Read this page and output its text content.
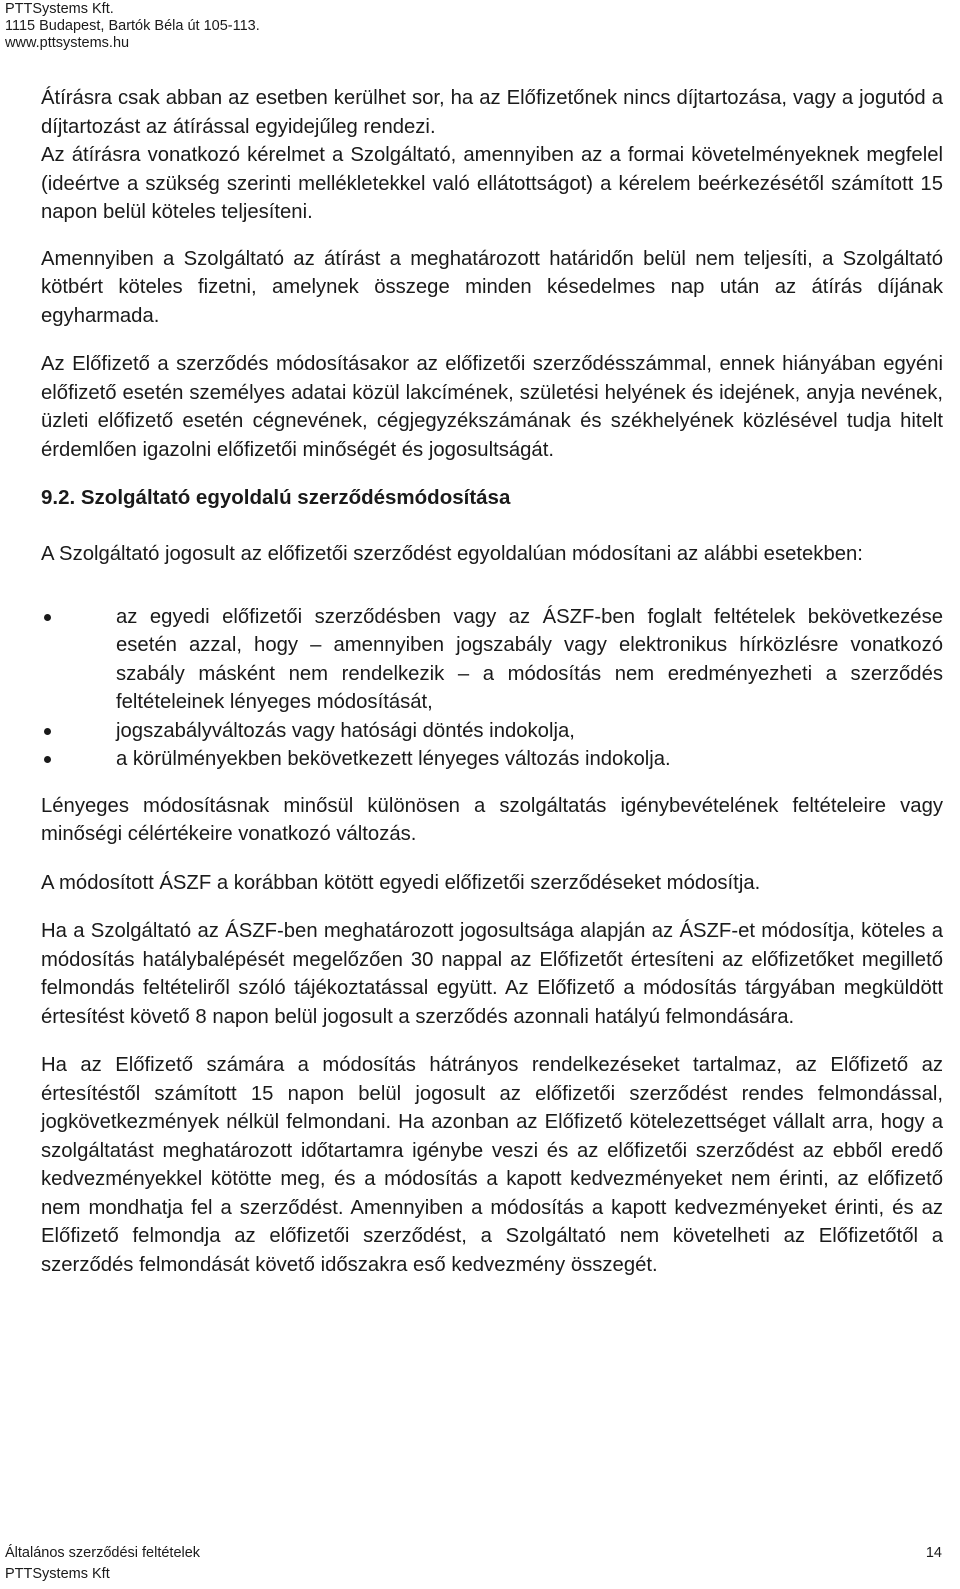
PTTSystems Kft.
1115 Budapest, Bartók Béla út 105-113.
www.pttsystems.hu

Átírásra csak abban az esetben kerülhet sor, ha az Előfizetőnek nincs díjtartozása, vagy a jogutód a díjtartozást az átírással egyidejűleg rendezi.

Az átírásra vonatkozó kérelmet a Szolgáltató, amennyiben az a formai követelményeknek megfelel (ideértve a szükség szerinti mellékletekkel való ellátottságot) a kérelem beérkezésétől számított 15 napon belül köteles teljesíteni.

Amennyiben a Szolgáltató az átírást a meghatározott határidőn belül nem teljesíti, a Szolgáltató kötbért köteles fizetni, amelynek összege minden késedelmes nap után az átírás díjának egyharmada.

Az Előfizető a szerződés módosításakor az előfizetői szerződésszámmal, ennek hiányában egyéni előfizető esetén személyes adatai közül lakcímének, születési helyének és idejének, anyja nevének, üzleti előfizető esetén cégnevének, cégjegyzékszámának és székhelyének közlésével tudja hitelt érdemlően igazolni előfizetői minőségét és jogosultságát.

9.2. Szolgáltató egyoldalú szerződésmódosítása

A Szolgáltató jogosult az előfizetői szerződést egyoldalúan módosítani az alábbi esetekben:

az egyedi előfizetői szerződésben vagy az ÁSZF-ben foglalt feltételek bekövetkezése esetén azzal, hogy – amennyiben jogszabály vagy elektronikus hírközlésre vonatkozó szabály másként nem rendelkezik – a módosítás nem eredményezheti a szerződés feltételeinek lényeges módosítását,
jogszabályváltozás vagy hatósági döntés indokolja,
a körülményekben bekövetkezett lényeges változás indokolja.

Lényeges módosításnak minősül különösen a szolgáltatás igénybevételének feltételeire vagy minőségi célértékeire vonatkozó változás.

A módosított ÁSZF a korábban kötött egyedi előfizetői szerződéseket módosítja.

Ha a Szolgáltató az ÁSZF-ben meghatározott jogosultsága alapján az ÁSZF-et módosítja, köteles a módosítás hatálybalépését megelőzően 30 nappal az Előfizetőt értesíteni az előfizetőket megillető felmondás feltételiről szóló tájékoztatással együtt. Az Előfizető a módosítás tárgyában megküldött értesítést követő 8 napon belül jogosult a szerződés azonnali hatályú felmondására.

Ha az Előfizető számára a módosítás hátrányos rendelkezéseket tartalmaz, az Előfizető az értesítéstől számított 15 napon belül jogosult az előfizetői szerződést rendes felmondással, jogkövetkezmények nélkül felmondani. Ha azonban az Előfizető kötelezettséget vállalt arra, hogy a szolgáltatást meghatározott időtartamra igénybe veszi és az előfizetői szerződést az ebből eredő kedvezményekkel kötötte meg, és a módosítás a kapott kedvezményeket nem érinti, az előfizető nem mondhatja fel a szerződést. Amennyiben a módosítás a kapott kedvezményeket érinti, és az Előfizető felmondja az előfizetői szerződést, a Szolgáltató nem követelheti az Előfizetőtől a szerződés felmondását követő időszakra eső kedvezmény összegét.

Általános szerződési feltételek
PTTSystems Kft
14
